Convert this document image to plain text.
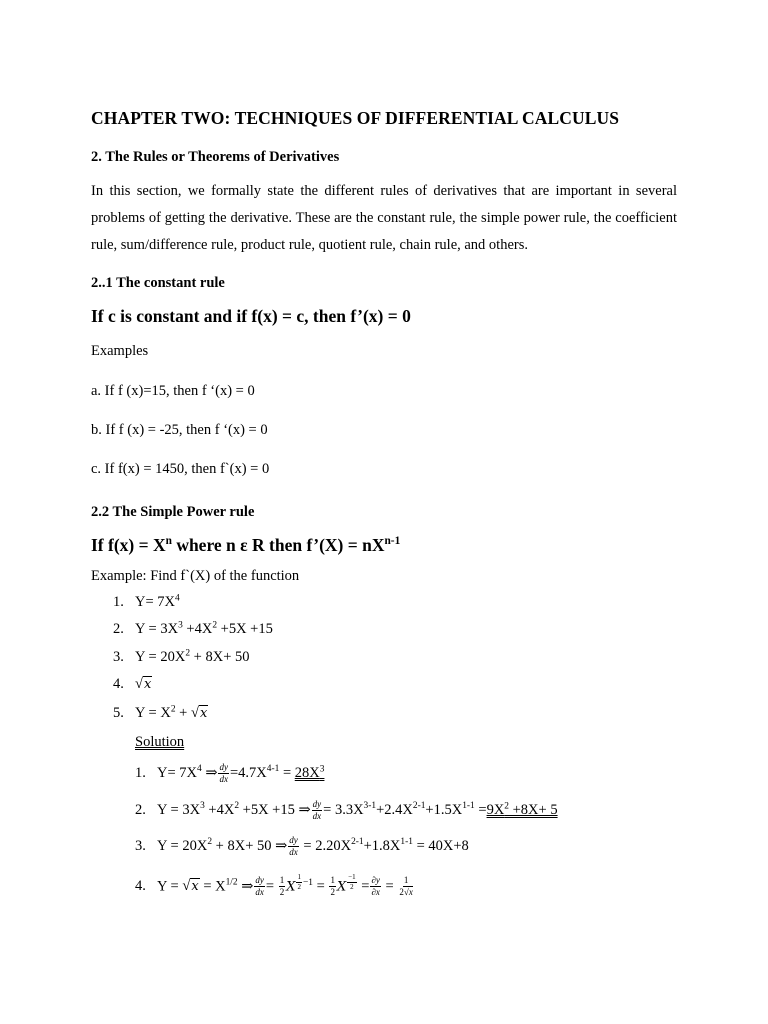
CHAPTER TWO: TECHNIQUES OF DIFFERENTIAL CALCULUS
2. The Rules or Theorems of Derivatives

In this section, we formally state the different rules of derivatives that are important in several problems of getting the derivative. These are the constant rule, the simple power rule, the coefficient rule, sum/difference rule, product rule, quotient rule, chain rule, and others.

2..1 The constant rule

If c is constant and if f(x) = c, then f’(x) = 0

Examples

a. If f (x)=15, then f ‘(x) = 0

b. If f (x) = -25, then f ‘(x) = 0

c. If f(x) = 1450, then f`(x) = 0

2.2 The Simple Power rule

If $f(x) = X^n$ where n ε R then f’(X) = $nX^{n-1}$

Example: Find f`(X) of the function

1. $Y= 7X^4$

2. $Y = 3X^3 +4X^2 +5X +15$

3. $Y = 20X^2 + 8X+ 50$

4. √x

5. $Y = X^2 + √x$

Solution

1. $Y= 7X^4$ ⇒ $\frac{dy}{dx} =4.7X^{4-1} = 28X^3$

2. $Y = 3X^3 +4X^2 +5X +15$ ⇒ $\frac{dy}{dx} = 3.3X^{3-1}+2.4X^{2-1}+1.5X^{1-1} =9X^2 +8X+ 5$

3. $Y = 20X^2 + 8X+ 50$ ⇒ $\frac{dy}{dx} = 2.20X^{2-1}+1.8X^{1-1} = 40X+8$

4. $Y = √x = X^{1/2}$ ⇒ $\frac{dy}{dx} = \frac{1}{2}$ X $^{\frac{1}{2} -1} = \frac{1}{2}$ X $^{\frac{-1}{2}} = \frac{\partial y}{\partial x} = \frac{1}{2√x}$
